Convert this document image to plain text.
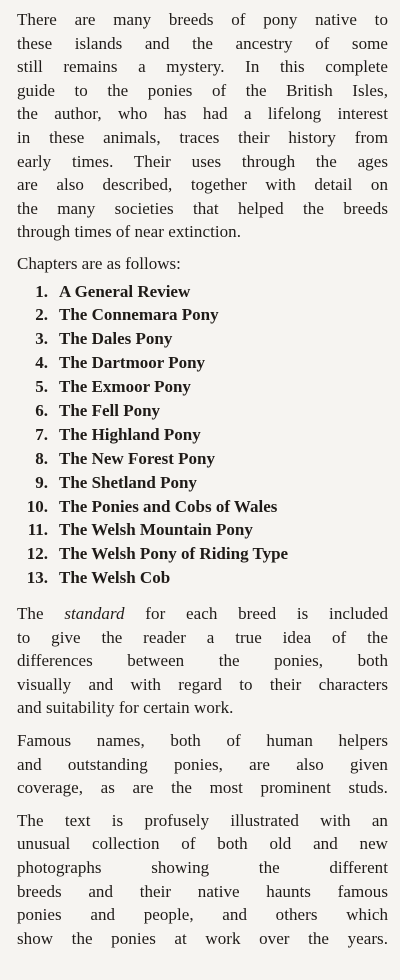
There are many breeds of pony native to
these islands and the ancestry of some
still remains a mystery. In this complete
guide to the ponies of the British Isles,
the author, who has had a lifelong interest
in these animals, traces their history from
early times. Their uses through the ages
are also described, together with detail on
the many societies that helped the breeds
through times of near extinction.

Chapters are as follows:

1. A General Review
2. The Connemara Pony
3. The Dales Pony
4. The Dartmoor Pony
5. The Exmoor Pony
6. The Fell Pony
7. The Highland Pony
8. The New Forest Pony
9. The Shetland Pony
10. The Ponies and Cobs of Wales
11. The Welsh Mountain Pony
12. The Welsh Pony of Riding Type
13. The Welsh Cob

The standard for each breed is included
to give the reader a true idea of the
differences between the ponies, both
visually and with regard to their characters
and suitability for certain work.

Famous names, both of human helpers
and outstanding ponies, are also given
coverage, as are the most prominent studs.

The text is profusely illustrated with an
unusual collection of both old and new
photographs showing the different
breeds and their native haunts famous
ponies and people, and others which
show the ponies at work over the years.
